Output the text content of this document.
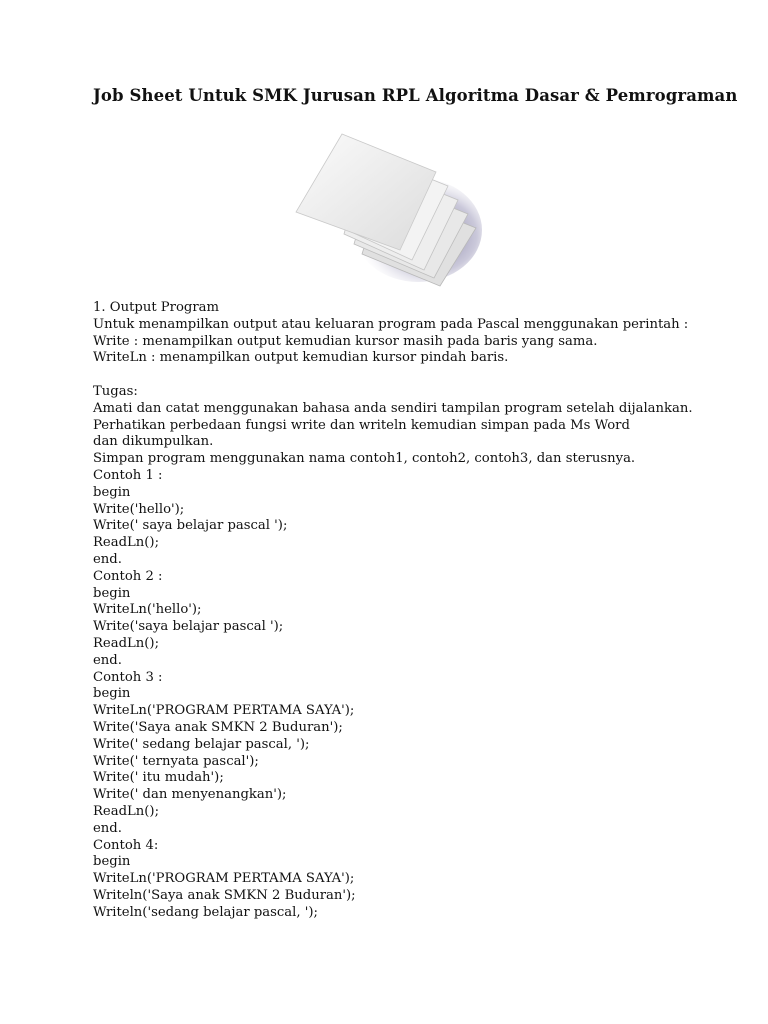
Job Sheet Untuk SMK Jurusan RPL Algoritma Dasar & Pemrograman
1. Output Program
Untuk menampilkan output atau keluaran program pada Pascal menggunakan perintah :
Write : menampilkan output kemudian kursor masih pada baris yang sama.
WriteLn : menampilkan output kemudian kursor pindah baris.
Tugas:
Amati dan catat menggunakan bahasa anda sendiri tampilan program setelah dijalankan.
Perhatikan perbedaan fungsi write dan writeln kemudian simpan pada Ms Word dan dikumpulkan.
Simpan program menggunakan nama contoh1, contoh2, contoh3, dan sterusnya.
Contoh 1 :
begin
Write('hello');
Write(' saya belajar pascal ');
ReadLn();
end.
Contoh 2 :
begin
WriteLn('hello');
Write('saya belajar pascal ');
ReadLn();
end.
Contoh 3 :
begin
WriteLn('PROGRAM PERTAMA SAYA');
Write('Saya anak SMKN 2 Buduran');
Write(' sedang belajar pascal, ');
Write(' ternyata pascal');
Write(' itu mudah');
Write(' dan menyenangkan');
ReadLn();
end.
Contoh 4:
begin
WriteLn('PROGRAM PERTAMA SAYA');
Writeln('Saya anak SMKN 2 Buduran');
Writeln('sedang belajar pascal, ');
